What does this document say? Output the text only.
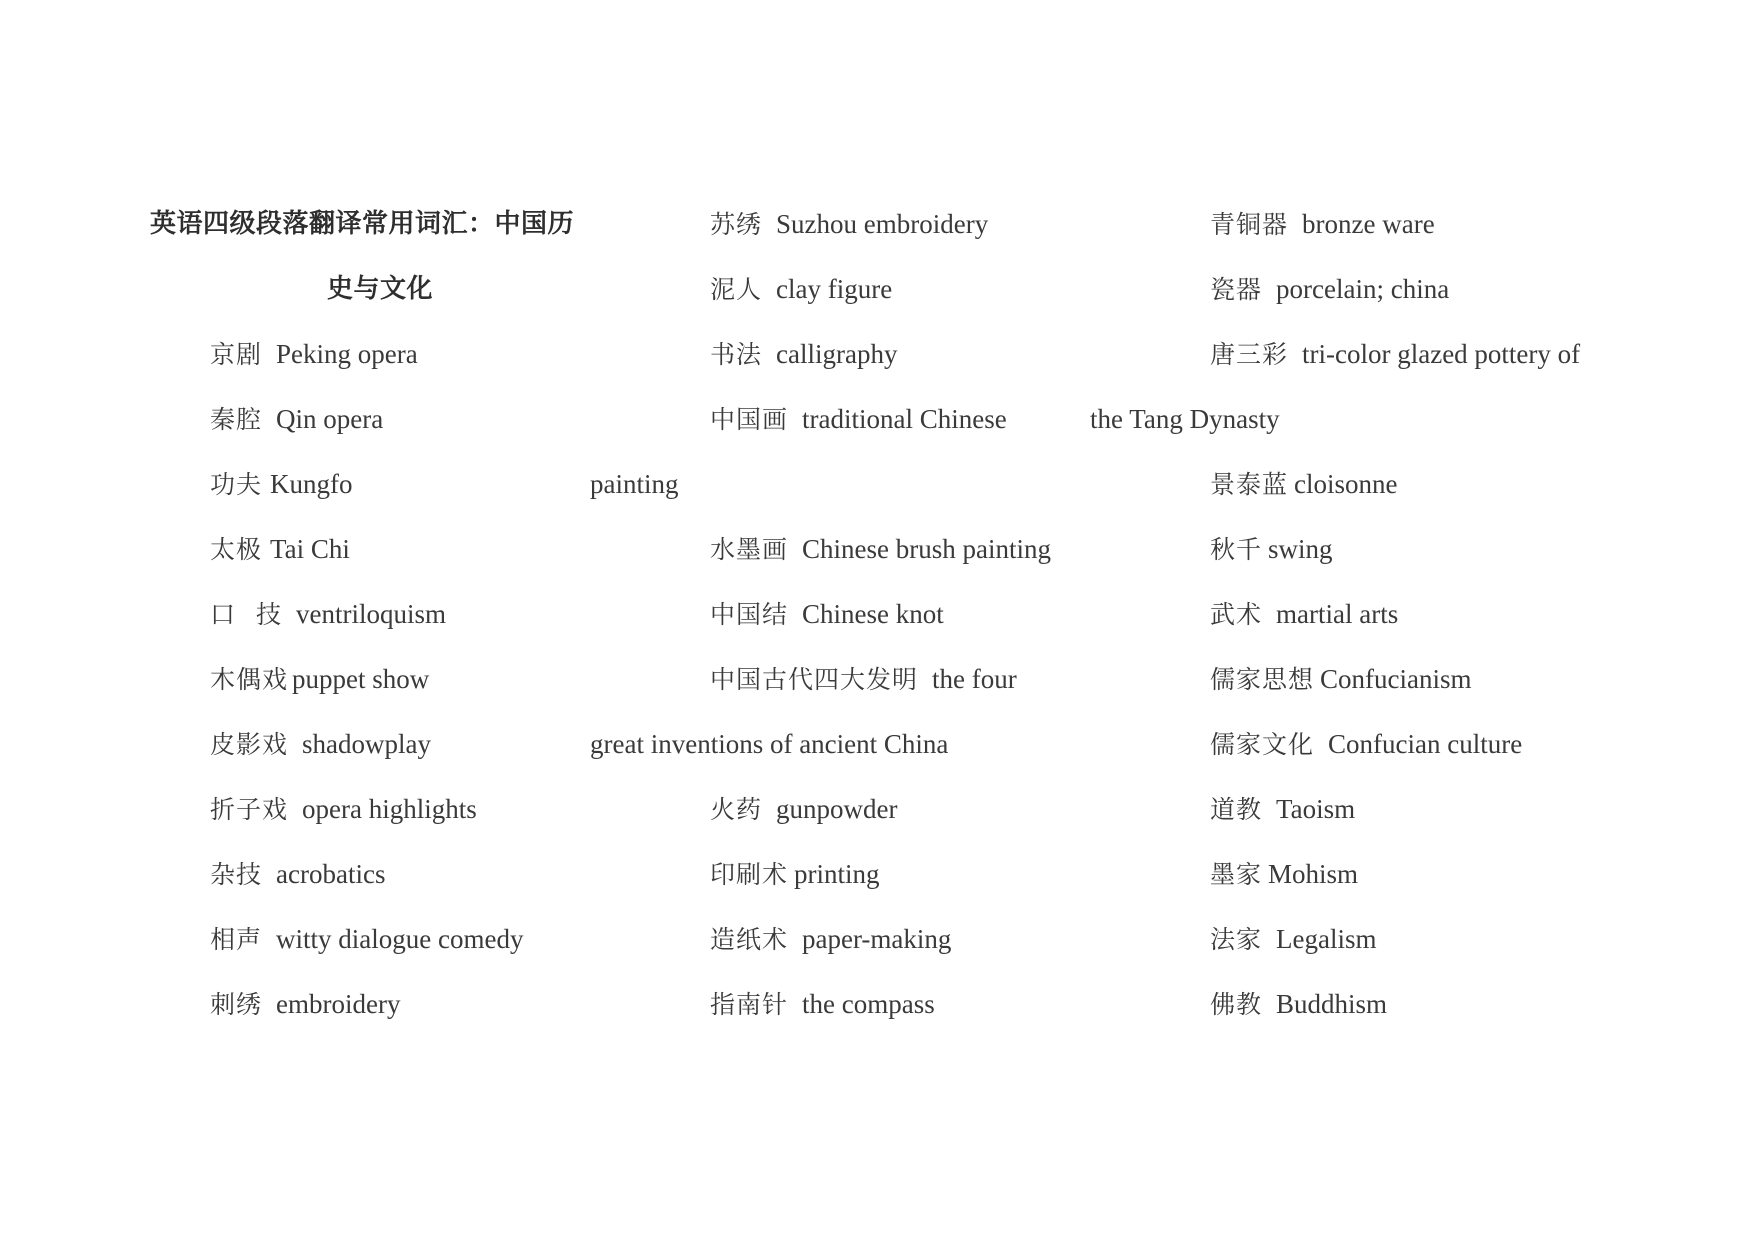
英语四级段落翻译常用词汇：中国历
史与文化
京剧 Peking opera
秦腔 Qin opera
功夫 Kungfo
太极 Tai Chi
口 技 ventriloquism
木偶戏 puppet show
皮影戏 shadowplay
折子戏 opera highlights
杂技 acrobatics
相声 witty dialogue comedy
刺绣 embroidery
苏绣 Suzhou embroidery
泥人 clay figure
书法 calligraphy
中国画 traditional Chinese
painting
水墨画 Chinese brush painting
中国结 Chinese knot
中国古代四大发明 the four
great inventions of ancient China
火药 gunpowder
印刷术 printing
造纸术 paper-making
指南针 the compass
青铜器 bronze ware
瓷器 porcelain; china
唐三彩 tri-color glazed pottery of
the Tang Dynasty
景泰蓝 cloisonne
秋千 swing
武术 martial arts
儒家思想 Confucianism
儒家文化 Confucian culture
道教 Taoism
墨家 Mohism
法家 Legalism
佛教 Buddhism
